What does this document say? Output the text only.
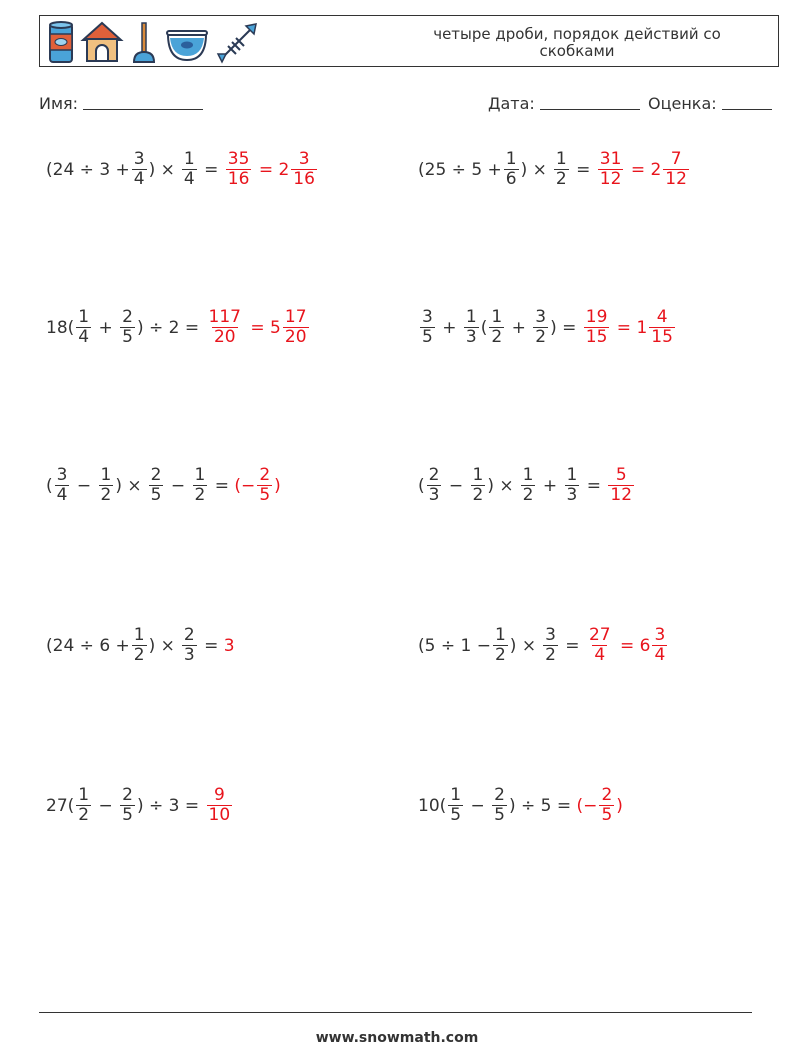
четыре дроби, порядок действий со скобками
Имя:	Дата:	Оценка:
($24 \div 3 + \frac{3}{4}$ ) × $\frac{1}{4} = \frac{35}{16} = 2 \frac{3}{16}$	($25 \div 5 + \frac{1}{6}$ ) × $\frac{1}{2} = \frac{31}{12} = 2 \frac{7}{12}$
$18( \frac{1}{4} + \frac{2}{5}$ ) ÷ $2 = \frac{117}{20} = 5 \frac{17}{20}$	$\frac{3}{5} + \frac{1}{3}$ ( $\frac{1}{2} + \frac{3}{2}$ ) = $\frac{19}{15} = 1 \frac{4}{15}$
( $\frac{3}{4} - \frac{1}{2}$ ) × $\frac{2}{5} - \frac{1}{2}$ = (− $\frac{2}{5}$ )	( $\frac{2}{3} - \frac{1}{2}$ ) × $\frac{1}{2} + \frac{1}{3} = \frac{5}{12}$
($24 \div 6 + \frac{1}{2}$ ) × $\frac{2}{3} = 3$	($5 \div 1 - \frac{1}{2}$ ) × $\frac{3}{2} = \frac{27}{4} = 6 \frac{3}{4}$
$27( \frac{1}{2} - \frac{2}{5}$ ) ÷ $3 = \frac{9}{10}$	$10( \frac{1}{5} - \frac{2}{5}$ ) ÷ 5 = (− $\frac{2}{5}$ )
www.snowmath.com
